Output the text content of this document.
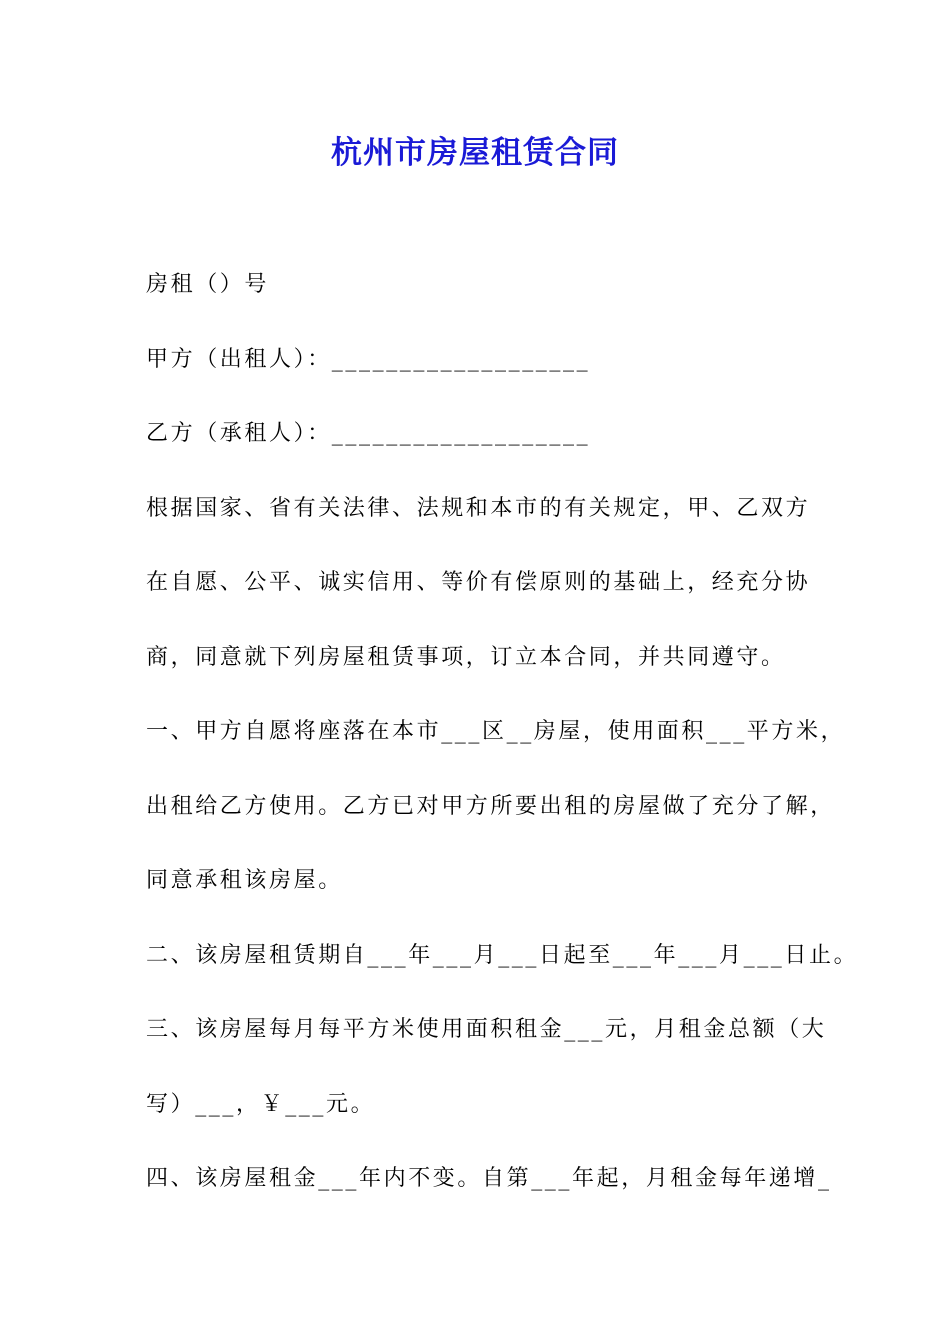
杭州市房屋租赁合同

房租（）号

甲方（出租人）：___________________

乙方（承租人）：___________________

根据国家、省有关法律、法规和本市的有关规定，甲、乙双方

在自愿、公平、诚实信用、等价有偿原则的基础上，经充分协

商，同意就下列房屋租赁事项，订立本合同，并共同遵守。

一、甲方自愿将座落在本市___区__房屋，使用面积___平方米，

出租给乙方使用。乙方已对甲方所要出租的房屋做了充分了解，

同意承租该房屋。

二、该房屋租赁期自___年___月___日起至___年___月___日止。

三、该房屋每月每平方米使用面积租金___元，月租金总额（大

写）___，￥___元。

四、该房屋租金___年内不变。自第___年起，月租金每年递增_
